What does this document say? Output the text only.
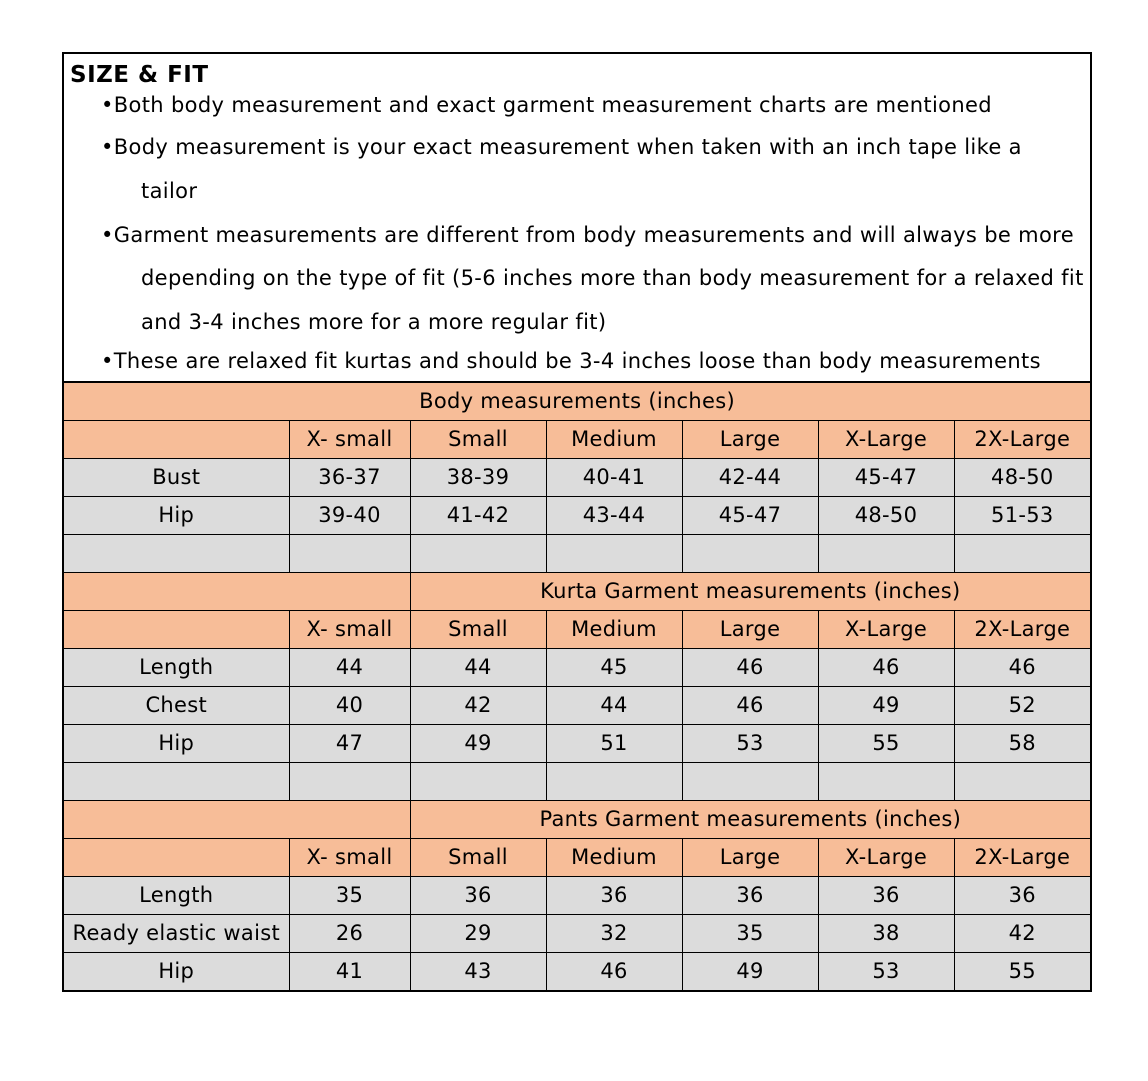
SIZE & FIT
•Both body measurement and exact garment measurement charts are mentioned
•Body measurement is your exact measurement when taken with an inch tape like a tailor
•Garment measurements are different from body measurements and will always be more depending on the type of fit (5-6 inches more than body measurement for a relaxed fit and 3-4 inches more for a more regular fit)
•These are relaxed fit kurtas and should be 3-4 inches loose than body measurements
Body measurements (inches)						
	X- small	Small	Medium	Large	X-Large	2X-Large
Bust	36-37	38-39	40-41	42-44	45-47	48-50
Hip	39-40	41-42	43-44	45-47	48-50	51-53

		Kurta Garment measurements (inches)				
	X- small	Small	Medium	Large	X-Large	2X-Large
Length	44	44	45	46	46	46
Chest	40	42	44	46	49	52
Hip	47	49	51	53	55	58

		Pants Garment measurements (inches)				
	X- small	Small	Medium	Large	X-Large	2X-Large
Length	35	36	36	36	36	36
Ready elastic waist	26	29	32	35	38	42
Hip	41	43	46	49	53	55
